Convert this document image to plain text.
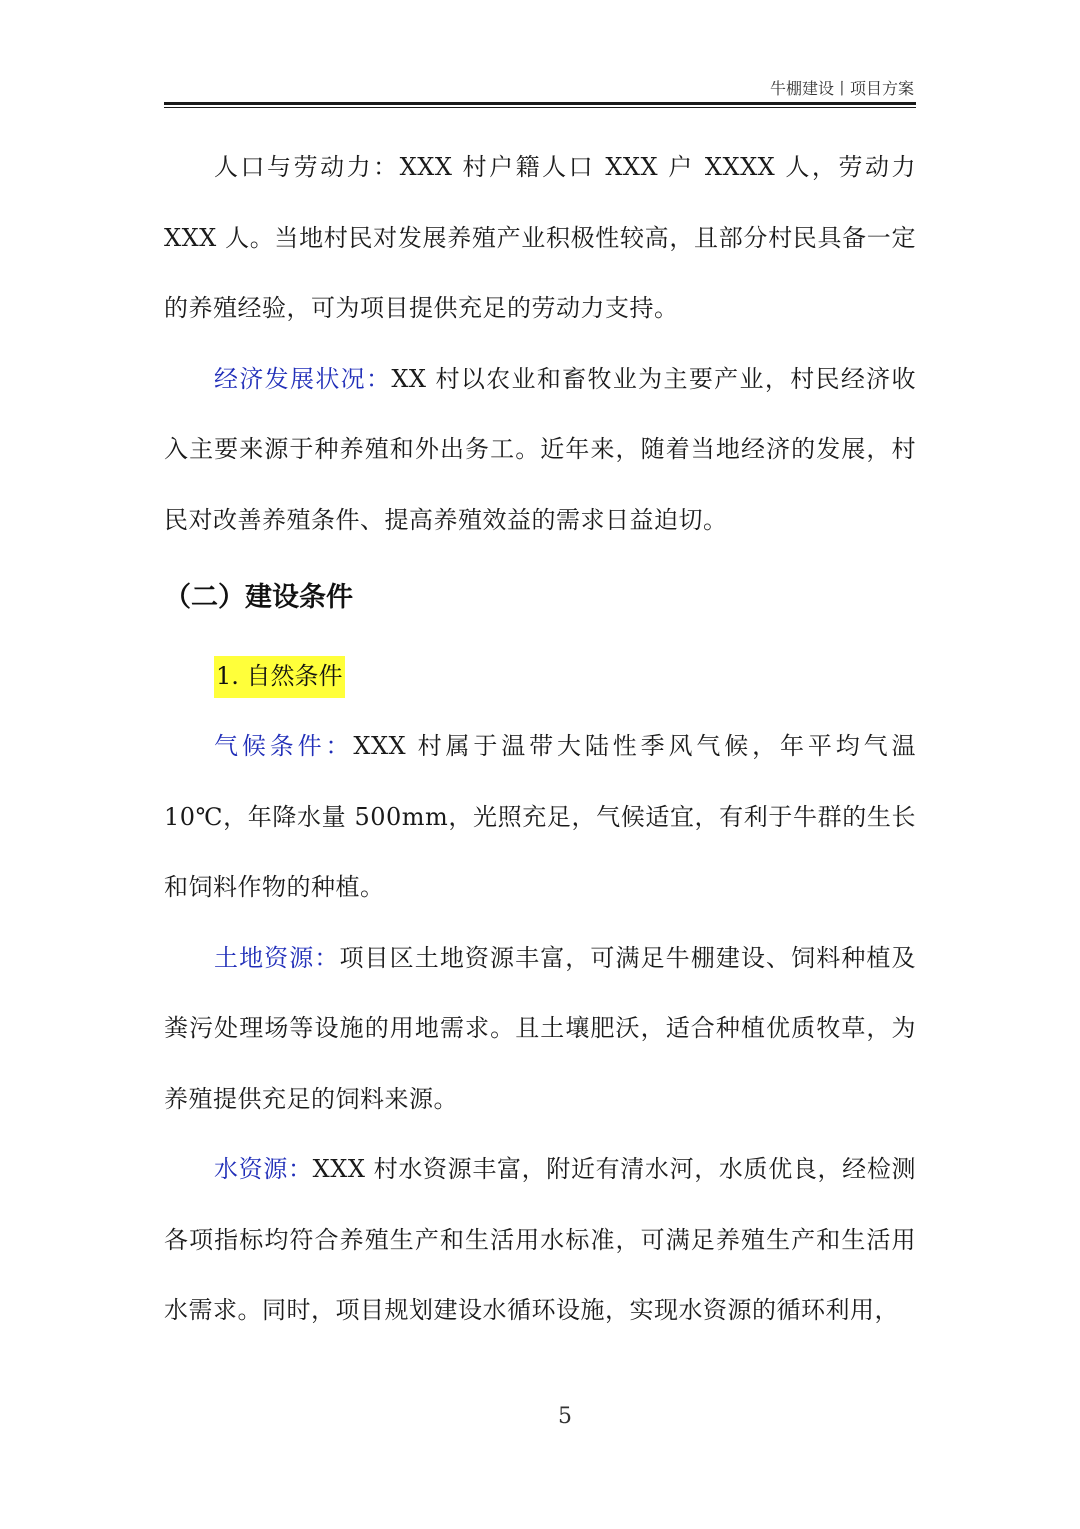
牛棚建设丨项目方案

人口与劳动力：XXX 村户籍人口 XXX 户 XXXX 人，劳动力 XXX 人。当地村民对发展养殖产业积极性较高，且部分村民具备一定的养殖经验，可为项目提供充足的劳动力支持。

经济发展状况：XX 村以农业和畜牧业为主要产业，村民经济收入主要来源于种养殖和外出务工。近年来，随着当地经济的发展，村民对改善养殖条件、提高养殖效益的需求日益迫切。

（二）建设条件

1. 自然条件

气候条件：XXX 村属于温带大陆性季风气候，年平均气温 10℃，年降水量 500mm，光照充足，气候适宜，有利于牛群的生长和饲料作物的种植。

土地资源：项目区土地资源丰富，可满足牛棚建设、饲料种植及粪污处理场等设施的用地需求。且土壤肥沃，适合种植优质牧草，为养殖提供充足的饲料来源。

水资源：XXX 村水资源丰富，附近有清水河，水质优良，经检测各项指标均符合养殖生产和生活用水标准，可满足养殖生产和生活用水需求。同时，项目规划建设水循环设施，实现水资源的循环利用，

5
